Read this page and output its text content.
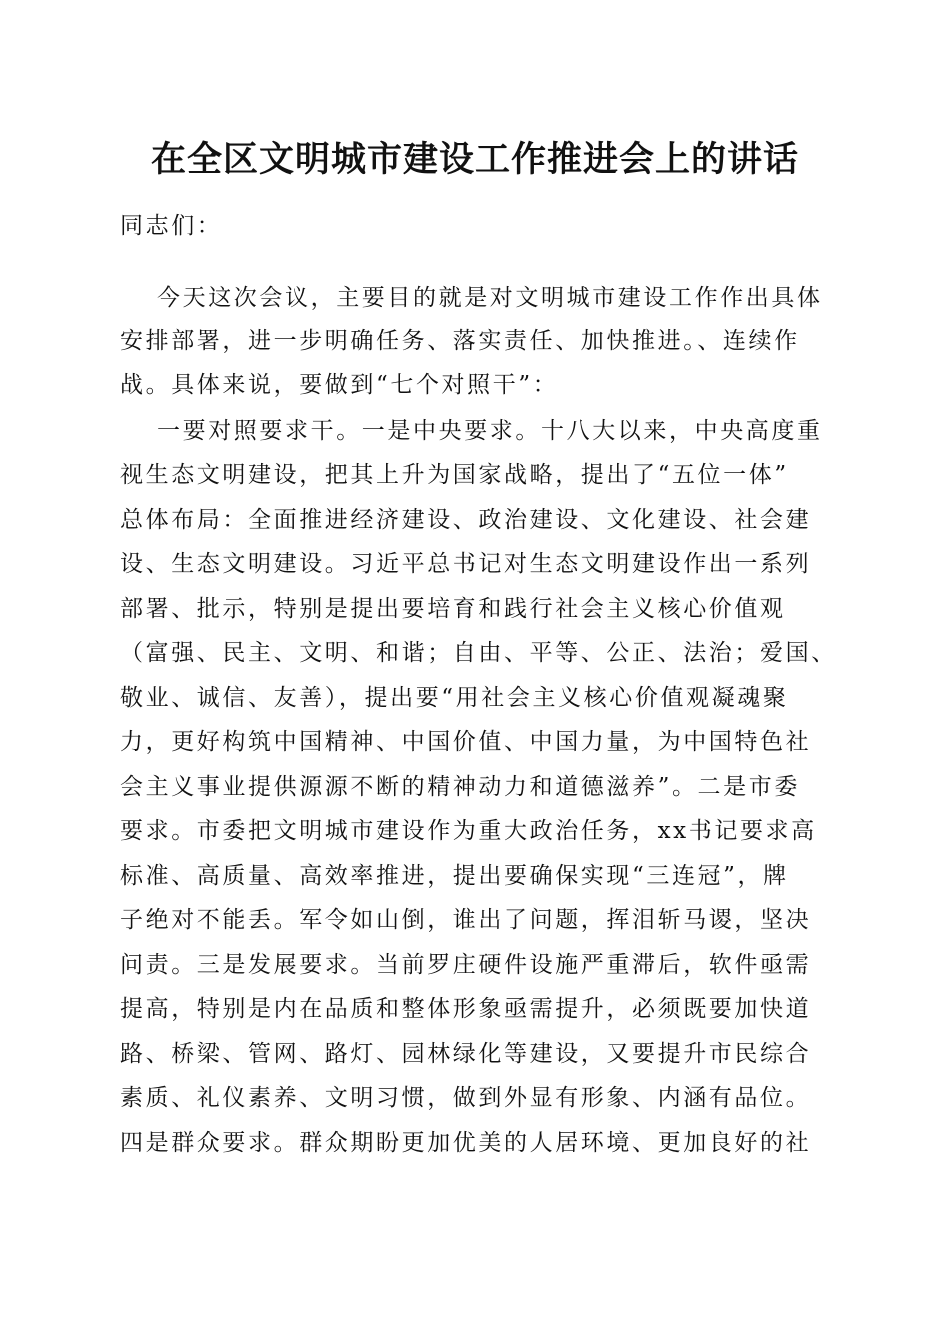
在全区文明城市建设工作推进会上的讲话
同志们：
今天这次会议，主要目的就是对文明城市建设工作作出具体
安排部署，进一步明确任务、落实责任、加快推进。、连续作
战。具体来说，要做到“七个对照干”：
一要对照要求干。一是中央要求。十八大以来，中央高度重
视生态文明建设，把其上升为国家战略，提出了“五位一体”
总体布局：全面推进经济建设、政治建设、文化建设、社会建
设、生态文明建设。习近平总书记对生态文明建设作出一系列
部署、批示，特别是提出要培育和践行社会主义核心价值观
（富强、民主、文明、和谐；自由、平等、公正、法治；爱国、
敬业、诚信、友善），提出要“用社会主义核心价值观凝魂聚
力，更好构筑中国精神、中国价值、中国力量，为中国特色社
会主义事业提供源源不断的精神动力和道德滋养”。二是市委
要求。市委把文明城市建设作为重大政治任务，xx书记要求高
标准、高质量、高效率推进，提出要确保实现“三连冠”，牌
子绝对不能丢。军令如山倒，谁出了问题，挥泪斩马谡，坚决
问责。三是发展要求。当前罗庄硬件设施严重滞后，软件亟需
提高，特别是内在品质和整体形象亟需提升，必须既要加快道
路、桥梁、管网、路灯、园林绿化等建设，又要提升市民综合
素质、礼仪素养、文明习惯，做到外显有形象、内涵有品位。
四是群众要求。群众期盼更加优美的人居环境、更加良好的社
